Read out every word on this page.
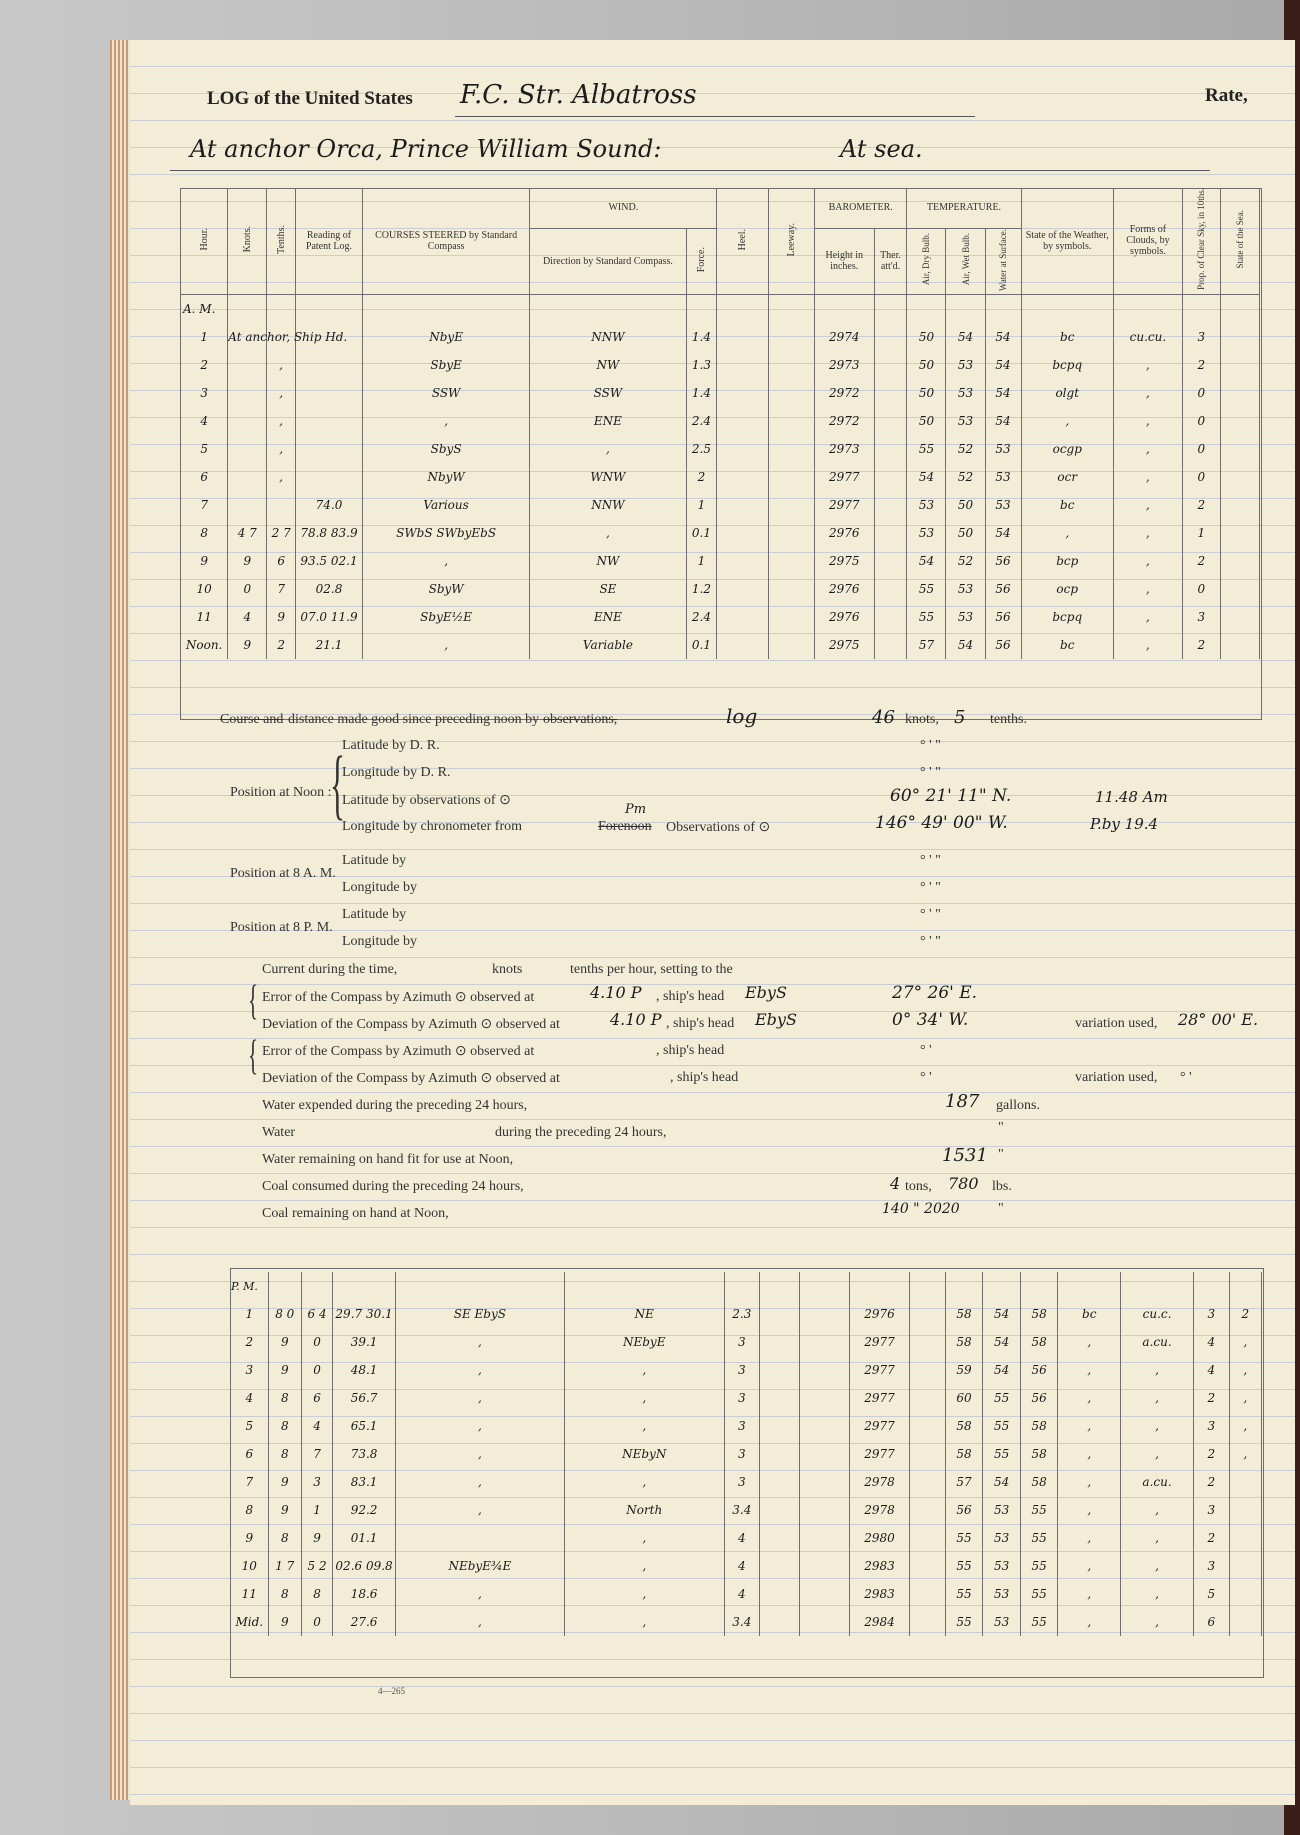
LOG of the United States F.C. Str. Albatross	Rate,
At anchor Orca, Prince William Sound:	At sea.
Hour.	Knots.	Tenths.	Reading of Patent Log.	COURSES STEERED by Standard Compass	WIND.		Heel.	Leeway.	BAROMETER.		TEMPERATURE.			State of the Weather, by symbols.	Forms of Clouds, by symbols.	Prop. of Clear Sky, in 10ths.	State of the Sea.
					Direction by Standard Compass.	Force.			Height in inches.	Ther. att'd.	Air, Dry Bulb.	Air, Wet Bulb.	Water at Surface.				
A. M.																	
1	At anchor, Ship Hd.			NbyE	NNW	1.4			2974		50	54	54	bc	cu.cu.	3	
2		,		SbyE	NW	1.3			2973		50	53	54	bcpq	,	2	
3		,		SSW	SSW	1.4			2972		50	53	54	olgt	,	0	
4		,		,	ENE	2.4			2972		50	53	54	,	,	0	
5		,		SbyS	,	2.5			2973		55	52	53	ocgp	,	0	
6		,		NbyW	WNW	2			2977		54	52	53	ocr	,	0	
7			74.0	Various	NNW	1			2977		53	50	53	bc	,	2	
8	4 7	2 7	78.8 83.9	SWbS SWbyEbS	,	0.1			2976		53	50	54	,	,	1	
9	9	6	93.5 02.1	,	NW	1			2975		54	52	56	bcp	,	2	
10	0	7	02.8	SbyW	SE	1.2			2976		55	53	56	ocp	,	0	
11	4	9	07.0 11.9	SbyE½E	ENE	2.4			2976		55	53	56	bcpq	,	3	
Noon.	9	2	21.1	,	Variable	0.1			2975		57	54	56	bc	,	2	
Course and distance made good since preceding noon by observations,	log	46 knots, 5 tenths.
Position at Noon :
{
Latitude by D. R.
Longitude by D. R.
Latitude by observations of ⊙
Longitude by chronometer from	Forenoon
Pm
Observations of ⊙
° ' "
° ' "
60° 21' 11" N.	11.48 Am
146° 49' 00" W.	P.by 19.4
Position at 8 A. M.
Latitude by
Longitude by
° ' "
° ' "
Position at 8 P. M.
Latitude by
Longitude by
° ' "
° ' "
Current during the time,	knots	tenths per hour, setting to the
Error of the Compass by Azimuth ⊙ observed at	4.10 P , ship's head EbyS	27° 26' E.
Deviation of the Compass by Azimuth ⊙ observed at	4.10 P , ship's head EbyS	0° 34' W.	variation used, 28° 00' E.
Error of the Compass by Azimuth ⊙ observed at	, ship's head	° '
Deviation of the Compass by Azimuth ⊙ observed at	, ship's head	° '	variation used, ° '
{
{
Water expended during the preceding 24 hours,	187 gallons.
Water	during the preceding 24 hours,	"
Water remaining on hand fit for use at Noon,	1531 "
Coal consumed during the preceding 24 hours,	4 tons, 780 lbs.
Coal remaining on hand at Noon,	140 " 2020	"
P. M.																	
1	8 0	6 4	29.7 30.1	SE EbyS	NE	2.3			2976		58	54	58	bc	cu.c.	3	2
2	9	0	39.1	,	NEbyE	3			2977		58	54	58	,	a.cu.	4	,
3	9	0	48.1	,	,	3			2977		59	54	56	,	,	4	,
4	8	6	56.7	,	,	3			2977		60	55	56	,	,	2	,
5	8	4	65.1	,	,	3			2977		58	55	58	,	,	3	,
6	8	7	73.8	,	NEbyN	3			2977		58	55	58	,	,	2	,
7	9	3	83.1	,	,	3			2978		57	54	58	,	a.cu.	2	
8	9	1	92.2	,	North	3.4			2978		56	53	55	,	,	3	
9	8	9	01.1		,	4			2980		55	53	55	,	,	2	
10	1 7	5 2	02.6 09.8	NEbyE¾E	,	4			2983		55	53	55	,	,	3	
11	8	8	18.6	,	,	4			2983		55	53	55	,	,	5	
Mid.	9	0	27.6	,	,	3.4			2984		55	53	55	,	,	6	
4—265
